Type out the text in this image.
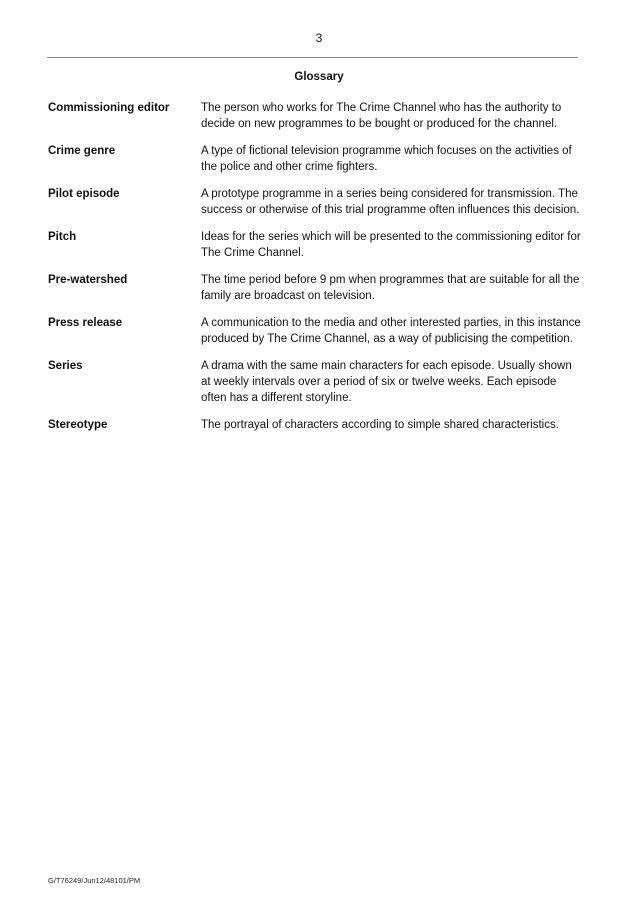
3
Glossary
Commissioning editor	The person who works for The Crime Channel who has the authority to decide on new programmes to be bought or produced for the channel.
Crime genre	A type of fictional television programme which focuses on the activities of the police and other crime fighters.
Pilot episode	A prototype programme in a series being considered for transmission. The success or otherwise of this trial programme often influences this decision.
Pitch	Ideas for the series which will be presented to the commissioning editor for The Crime Channel.
Pre-watershed	The time period before 9 pm when programmes that are suitable for all the family are broadcast on television.
Press release	A communication to the media and other interested parties, in this instance produced by The Crime Channel, as a way of publicising the competition.
Series	A drama with the same main characters for each episode. Usually shown at weekly intervals over a period of six or twelve weeks. Each episode often has a different storyline.
Stereotype	The portrayal of characters according to simple shared characteristics.
G/T76249/Jun12/48101/PM
